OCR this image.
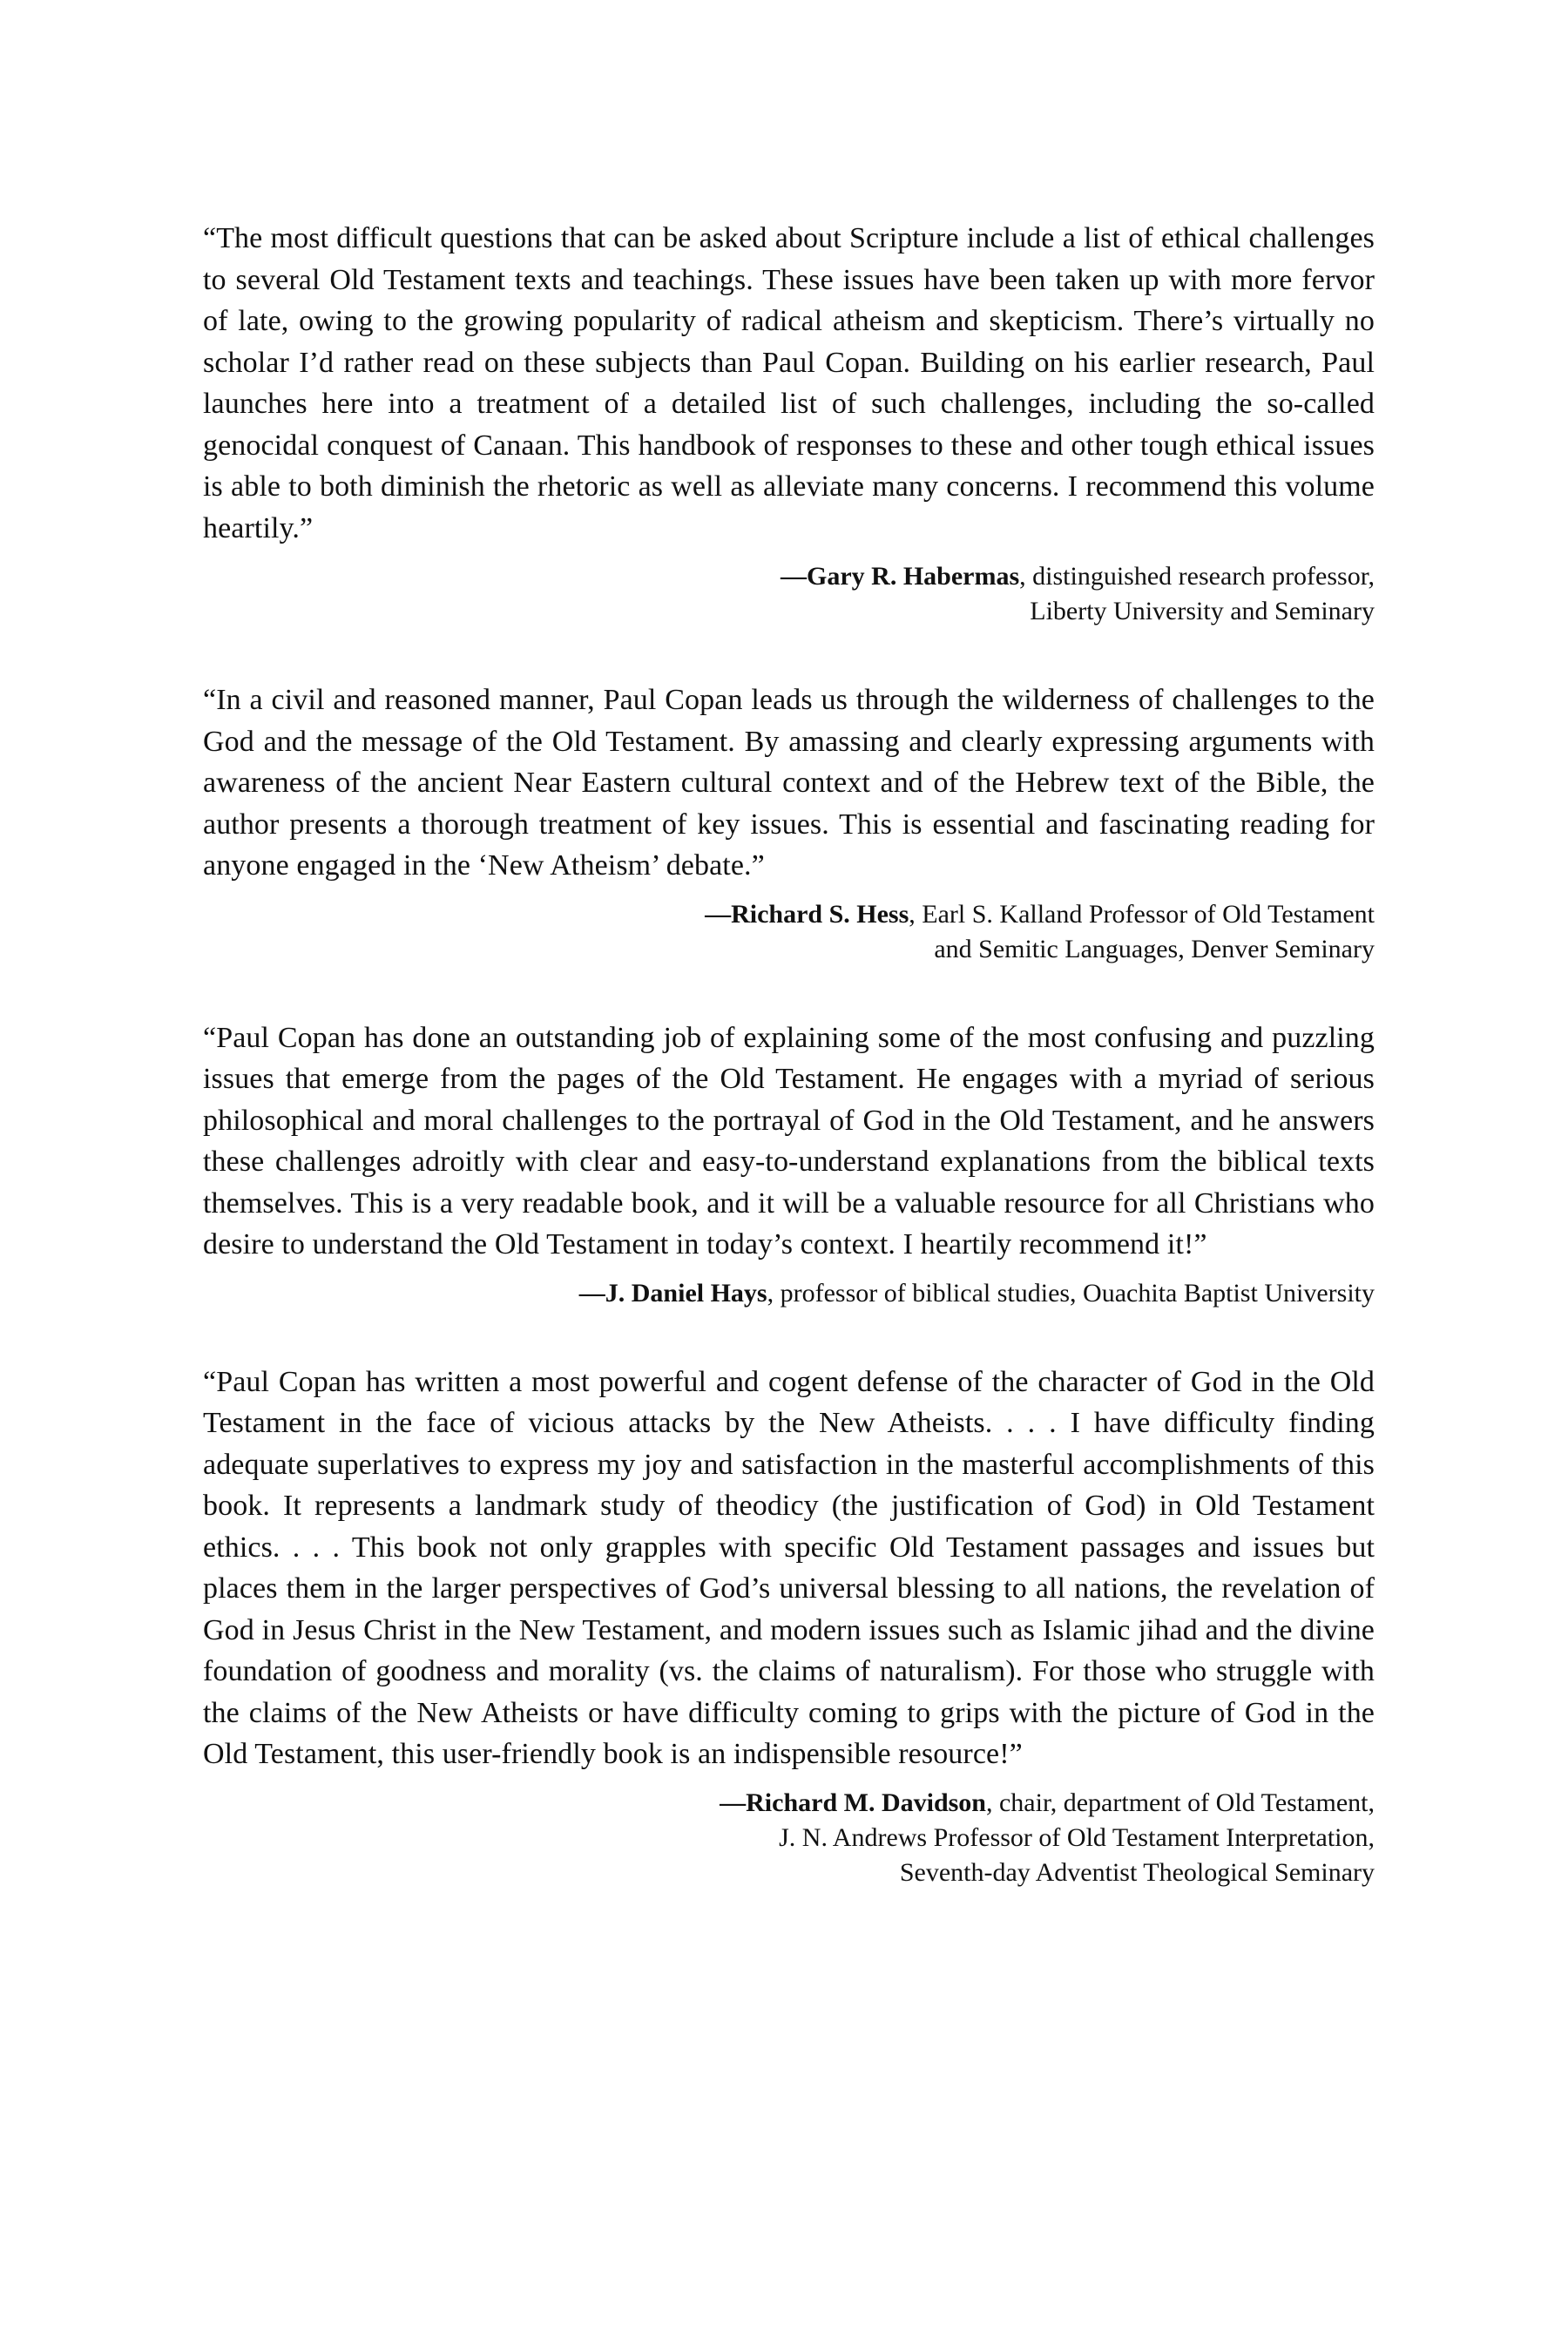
“The most difficult questions that can be asked about Scripture include a list of ethical challenges to several Old Testament texts and teachings. These issues have been taken up with more fervor of late, owing to the growing popularity of radical atheism and skepticism. There’s virtually no scholar I’d rather read on these subjects than Paul Copan. Building on his earlier research, Paul launches here into a treatment of a detailed list of such challenges, including the so-called genocidal conquest of Canaan. This handbook of responses to these and other tough ethical issues is able to both diminish the rhetoric as well as alleviate many concerns. I recommend this volume heartily.”

—Gary R. Habermas, distinguished research professor,
Liberty University and Seminary

“In a civil and reasoned manner, Paul Copan leads us through the wilderness of challenges to the God and the message of the Old Testament. By amassing and clearly expressing arguments with awareness of the ancient Near Eastern cultural context and of the Hebrew text of the Bible, the author presents a thorough treatment of key issues. This is essential and fascinating reading for anyone engaged in the ‘New Atheism’ debate.”

—Richard S. Hess, Earl S. Kalland Professor of Old Testament
and Semitic Languages, Denver Seminary

“Paul Copan has done an outstanding job of explaining some of the most confusing and puzzling issues that emerge from the pages of the Old Testament. He engages with a myriad of serious philosophical and moral challenges to the portrayal of God in the Old Testament, and he answers these challenges adroitly with clear and easy-to-understand explanations from the biblical texts themselves. This is a very readable book, and it will be a valuable resource for all Christians who desire to understand the Old Testament in today’s context. I heartily recommend it!”

—J. Daniel Hays, professor of biblical studies, Ouachita Baptist University

“Paul Copan has written a most powerful and cogent defense of the character of God in the Old Testament in the face of vicious attacks by the New Atheists. . . . I have difficulty finding adequate superlatives to express my joy and satisfaction in the masterful accomplishments of this book. It represents a landmark study of theodicy (the justification of God) in Old Testament ethics. . . . This book not only grapples with specific Old Testament passages and issues but places them in the larger perspectives of God’s universal blessing to all nations, the revelation of God in Jesus Christ in the New Testament, and modern issues such as Islamic jihad and the divine foundation of goodness and morality (vs. the claims of naturalism). For those who struggle with the claims of the New Atheists or have difficulty coming to grips with the picture of God in the Old Testament, this user-friendly book is an indispensible resource!”

—Richard M. Davidson, chair, department of Old Testament,
J. N. Andrews Professor of Old Testament Interpretation,
Seventh-day Adventist Theological Seminary
